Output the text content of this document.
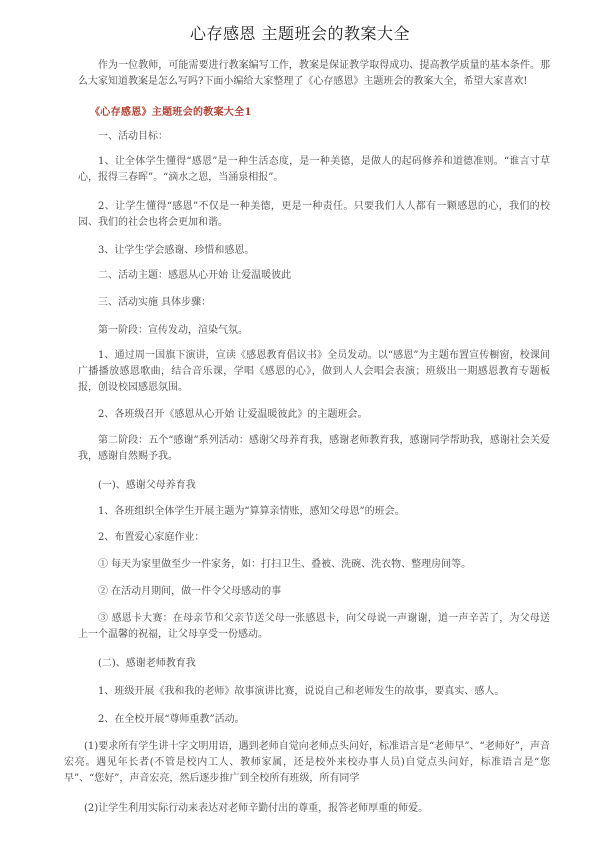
心存感恩 主题班会的教案大全
作为一位教师，可能需要进行教案编写工作，教案是保证教学取得成功、提高教学质量的基本条件。那么大家知道教案是怎么写吗?下面小编给大家整理了《心存感恩》主题班会的教案大全，希望大家喜欢!
《心存感恩》主题班会的教案大全1
一、活动目标：
1、让全体学生懂得“感恩”是一种生活态度，是一种美德，是做人的起码修养和道德准则。“谁言寸草心，报得三春晖”。“滴水之恩，当涌泉相报”。
2、让学生懂得“感恩”不仅是一种美德，更是一种责任。只要我们人人都有一颗感恩的心，我们的校园、我们的社会也将会更加和谐。
3、让学生学会感谢、珍惜和感恩。
二、活动主题：感恩从心开始 让爱温暖彼此
三、活动实施 具体步骤：
第一阶段：宣传发动，渲染气氛。
1、通过周一国旗下演讲，宣读《感恩教育倡议书》全员发动。以“感恩”为主题布置宣传橱窗，校课间广播播放感恩歌曲，结合音乐课，学唱《感恩的心》，做到人人会唱会表演；班级出一期感恩教育专题板报，创设校园感恩氛围。
2、各班级召开《感恩从心开始 让爱温暖彼此》的主题班会。
第二阶段：五个“感谢”系列活动：感谢父母养育我，感谢老师教育我，感谢同学帮助我，感谢社会关爱我，感谢自然赐予我。
(一)、感谢父母养育我
1、各班组织全体学生开展主题为“算算亲情账，感知父母恩”的班会。
2、布置爱心家庭作业：
① 每天为家里做至少一件家务，如：打扫卫生、叠被、洗碗、洗衣物、整理房间等。
② 在活动月期间，做一件令父母感动的事
③ 感恩卡大赛：在母亲节和父亲节送父母一张感恩卡，向父母说一声谢谢，道一声辛苦了，为父母送上一个温馨的祝福，让父母享受一份感动。
(二)、感谢老师教育我
1、班级开展《我和我的老师》故事演讲比赛，说说自己和老师发生的故事，要真实、感人。
2、在全校开展“尊师重教”活动。
(1)要求所有学生讲十字文明用语，遇到老师自觉向老师点头问好，标准语言是“老师早”、“老师好”，声音宏亮。遇见年长者(不管是校内工人、教师家属，还是校外来校办事人员)自觉点头问好，标准语言是“您早”、“您好”，声音宏亮，然后逐步推广到全校所有班级，所有同学
(2)让学生利用实际行动来表达对老师辛勤付出的尊重，报答老师厚重的师爱。
